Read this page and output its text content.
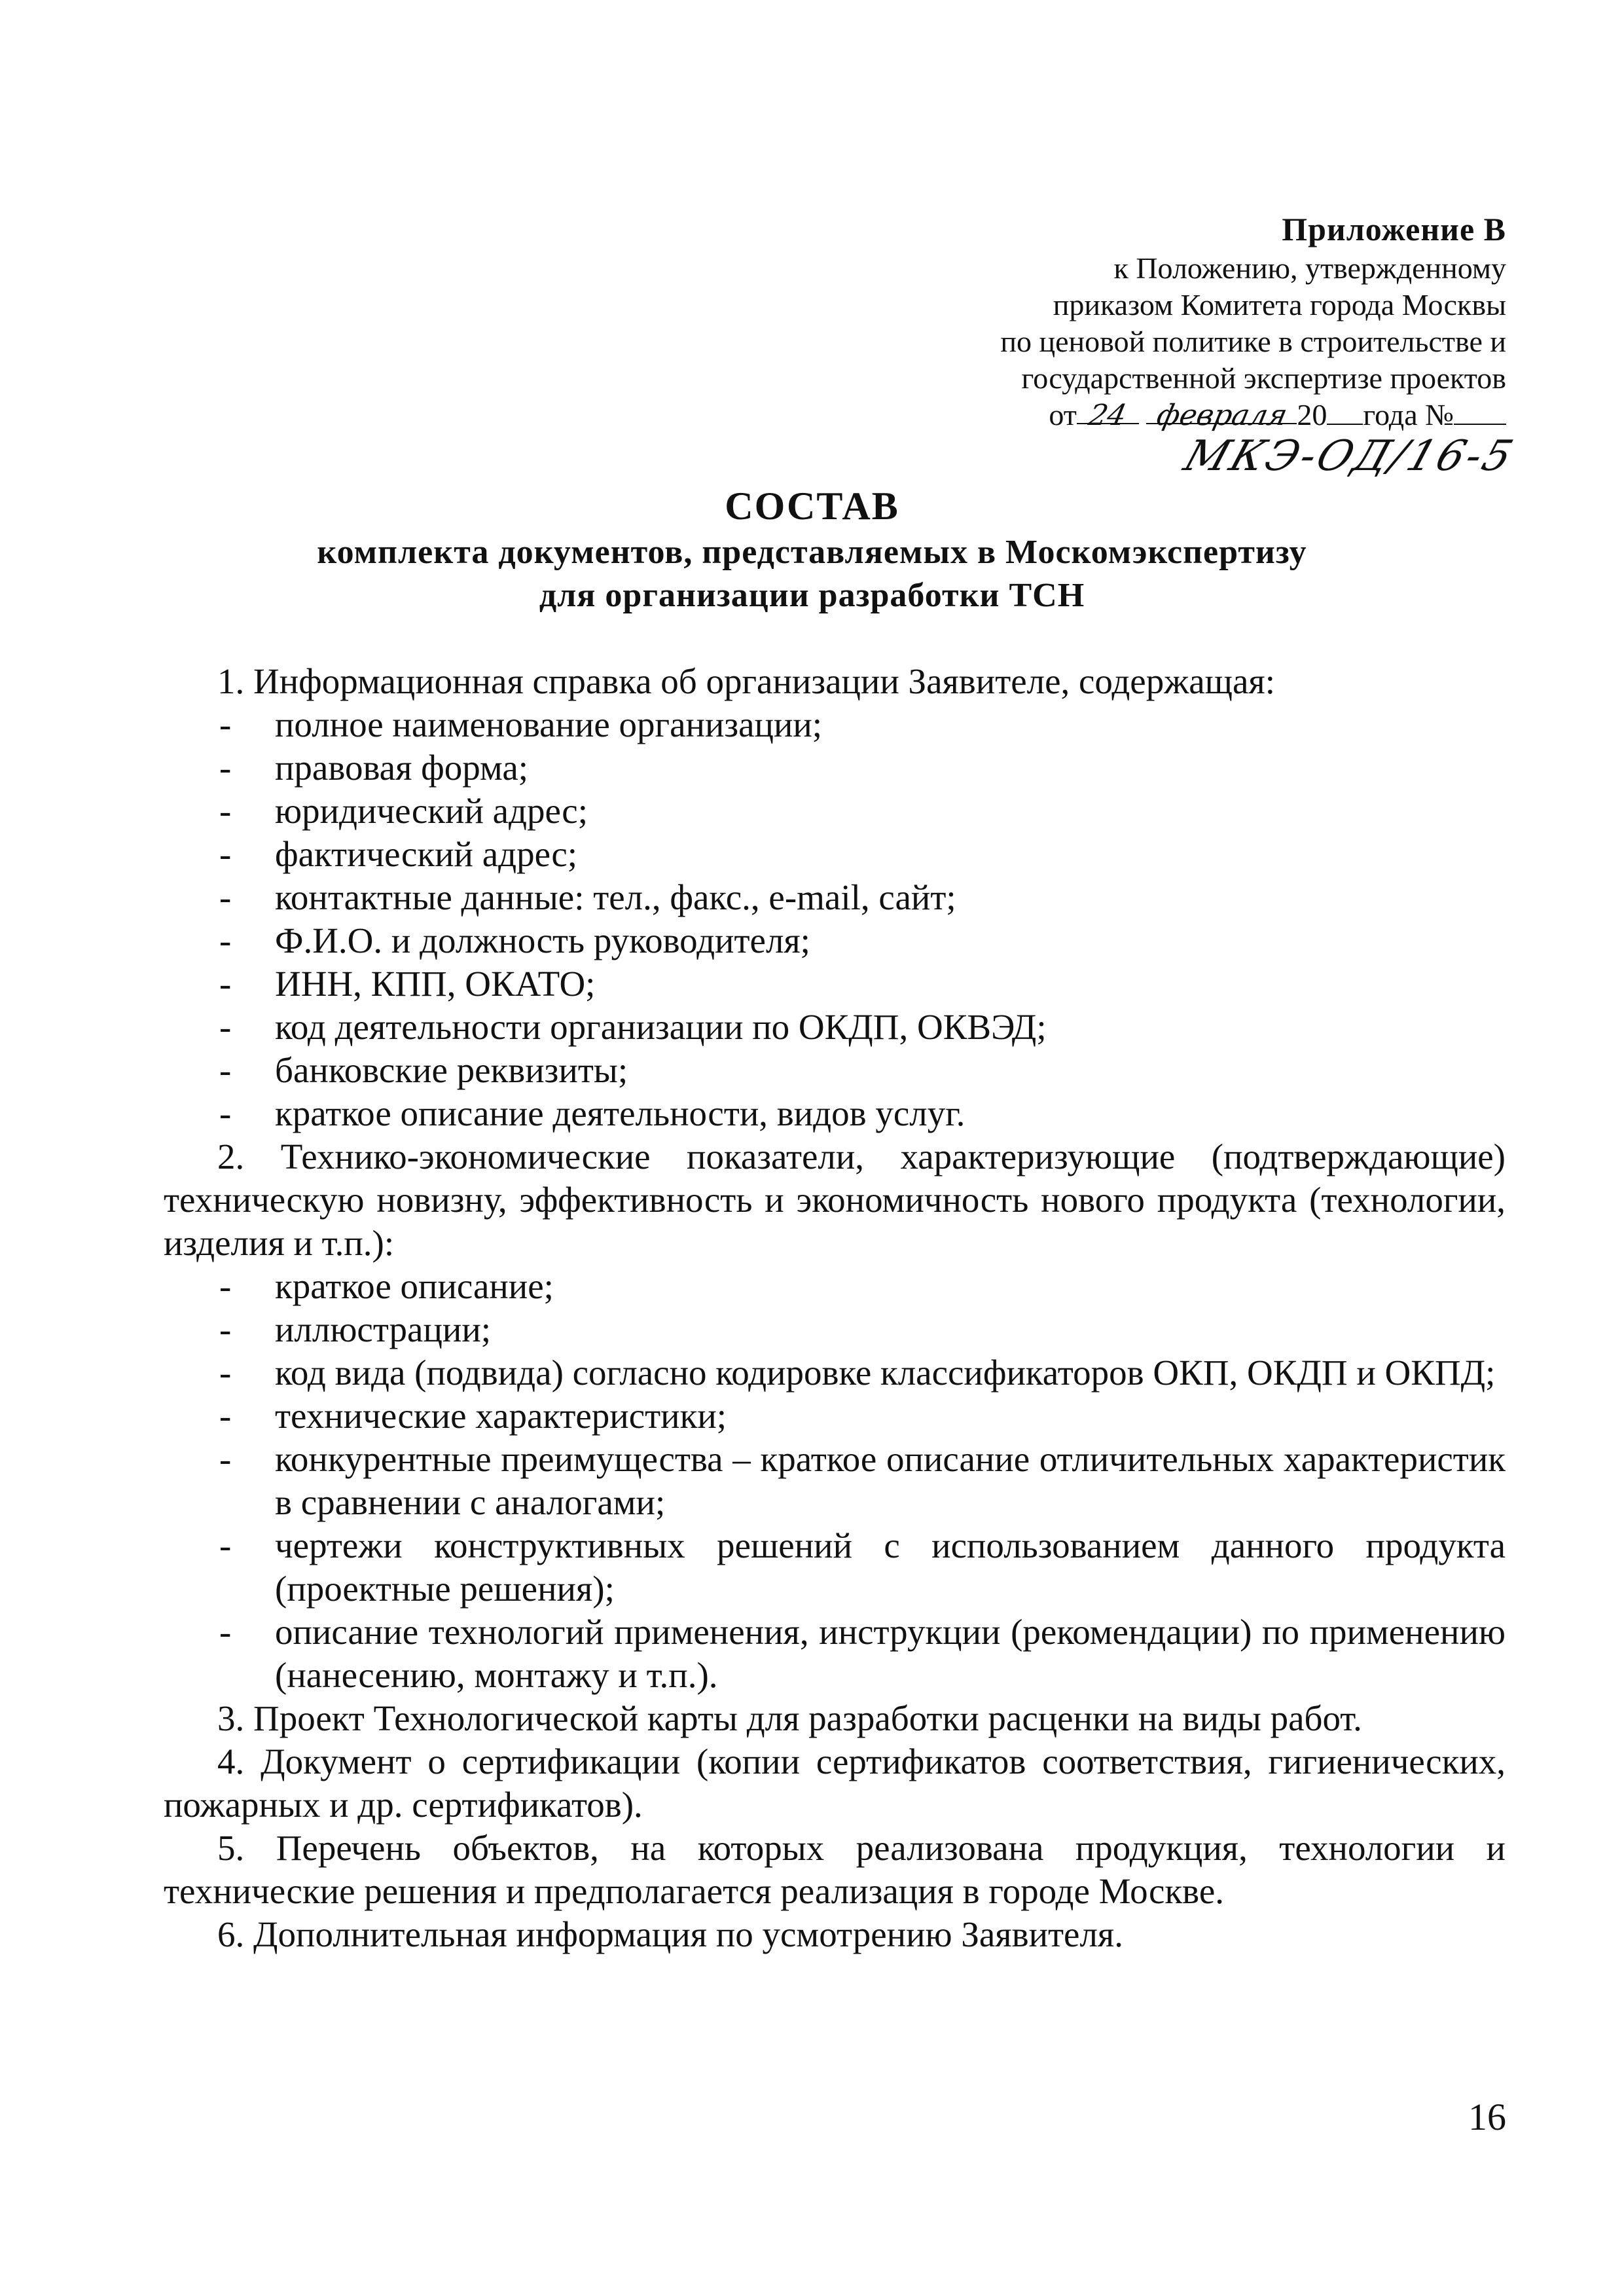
Приложение В
к Положению, утвержденному
приказом Комитета города Москвы
по ценовой политике в строительстве и
государственной экспертизе проектов
от 24 февраля 20 года №
МКЭ-ОД/16-5
СОСТАВ
комплекта документов, представляемых в Москомэкспертизу
для организации разработки ТСН

1. Информационная справка об организации Заявителе, содержащая:

- полное наименование организации;
- правовая форма;
- юридический адрес;
- фактический адрес;
- контактные данные: тел., факс., e-mail, сайт;
- Ф.И.О. и должность руководителя;
- ИНН, КПП, ОКАТО;
- код деятельности организации по ОКДП, ОКВЭД;
- банковские реквизиты;
- краткое описание деятельности, видов услуг.

2. Технико-экономические показатели, характеризующие (подтверждающие) техническую новизну, эффективность и экономичность нового продукта (технологии, изделия и т.п.):

- краткое описание;
- иллюстрации;
- код вида (подвида) согласно кодировке классификаторов ОКП, ОКДП и ОКПД;
- технические характеристики;
- конкурентные преимущества – краткое описание отличительных характеристик в сравнении с аналогами;
- чертежи конструктивных решений с использованием данного продукта (проектные решения);
- описание технологий применения, инструкции (рекомендации) по применению (нанесению, монтажу и т.п.).

3. Проект Технологической карты для разработки расценки на виды работ.

4. Документ о сертификации (копии сертификатов соответствия, гигиенических, пожарных и др. сертификатов).

5. Перечень объектов, на которых реализована продукция, технологии и технические решения и предполагается реализация в городе Москве.

6. Дополнительная информация по усмотрению Заявителя.

16
